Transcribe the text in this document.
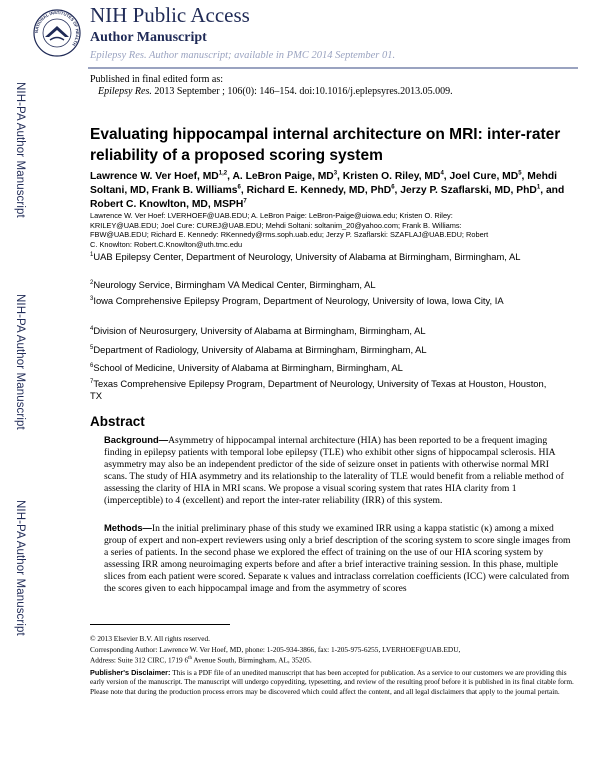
NATIONAL INSTITUTES OF HEALTH
NIH Public Access
Author Manuscript
Epilepsy Res. Author manuscript; available in PMC 2014 September 01.
Published in final edited form as:
Epilepsy Res. 2013 September ; 106(0): 146–154. doi:10.1016/j.eplepsyres.2013.05.009.
NIH-PA Author Manuscript
NIH-PA Author Manuscript
NIH-PA Author Manuscript
Evaluating hippocampal internal architecture on MRI: inter-rater reliability of a proposed scoring system
Lawrence W. Ver Hoef, MD$^{1,2}$, A. LeBron Paige, $MD^3$, Kristen O. Riley, $MD^4$, Joel Cure, $MD^5$, Mehdi Soltani, MD, Frank B. Williams$^6$, Richard E. Kennedy, MD, PhD$^6$, Jerzy P. Szaflarski, MD, PhD$^1$, and Robert C. Knowlton, MD, MSPH$^7$
Lawrence W. Ver Hoef: LVERHOEF@UAB.EDU; A. LeBron Paige: LeBron-Paige@uiowa.edu; Kristen O. Riley:
KRILEY@UAB.EDU; Joel Cure: CUREJ@UAB.EDU; Mehdi Soltani: soltanim_20@yahoo.com; Frank B. Williams:
FBW@UAB.EDU; Richard E. Kennedy: RKennedy@rms.soph.uab.edu; Jerzy P. Szaflarski: SZAFLAJ@UAB.EDU; Robert
C. Knowlton: Robert.C.Knowlton@uth.tmc.edu
$^1$UAB Epilepsy Center, Department of Neurology, University of Alabama at Birmingham, Birmingham, AL
$^2$Neurology Service, Birmingham VA Medical Center, Birmingham, AL
$^3$Iowa Comprehensive Epilepsy Program, Department of Neurology, University of Iowa, Iowa City, IA
$^4$Division of Neurosurgery, University of Alabama at Birmingham, Birmingham, AL
$^5$Department of Radiology, University of Alabama at Birmingham, Birmingham, AL
$^6$School of Medicine, University of Alabama at Birmingham, Birmingham, AL
$^7$Texas Comprehensive Epilepsy Program, Department of Neurology, University of Texas at Houston, Houston, TX
Abstract
Background—Asymmetry of hippocampal internal architecture (HIA) has been reported to be a frequent imaging finding in epilepsy patients with temporal lobe epilepsy (TLE) who exhibit other signs of hippocampal sclerosis. HIA asymmetry may also be an independent predictor of the side of seizure onset in patients with otherwise normal MRI scans. The study of HIA asymmetry and its relationship to the laterality of TLE would benefit from a reliable method of assessing the clarity of HIA in MRI scans. We propose a visual scoring system that rates HIA clarity from 1 (imperceptible) to 4 (excellent) and report the inter-rater reliability (IRR) of this system.
Methods—In the initial preliminary phase of this study we examined IRR using a kappa statistic (κ) among a mixed group of expert and non-expert reviewers using only a brief description of the scoring system to score single images from a series of patients. In the second phase we explored the effect of training on the use of our HIA scoring system by assessing IRR among neuroimaging experts before and after a brief interactive training session. In this phase, multiple slices from each patient were scored. Separate κ values and intraclass correlation coefficients (ICC) were calculated from the scores given to each hippocampal image and from the asymmetry of scores
© 2013 Elsevier B.V. All rights reserved.
Corresponding Author: Lawrence W. Ver Hoef, MD, phone: 1-205-934-3866, fax: 1-205-975-6255, LVERHOEF@UAB.EDU,
Address: Suite 312 CIRC, 1719 6th Avenue South, Birmingham, AL, 35205.
Publisher's Disclaimer: This is a PDF file of an unedited manuscript that has been accepted for publication. As a service to our customers we are providing this early version of the manuscript. The manuscript will undergo copyediting, typesetting, and review of the resulting proof before it is published in its final citable form. Please note that during the production process errors may be discovered which could affect the content, and all legal disclaimers that apply to the journal pertain.
